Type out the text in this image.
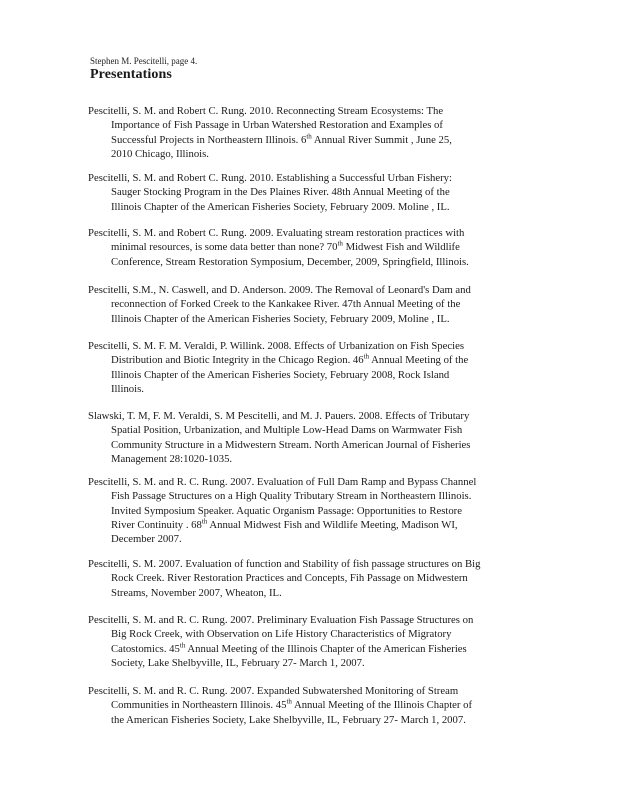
Stephen M. Pescitelli, page 4.
Presentations
Pescitelli, S. M. and Robert C. Rung. 2010. Reconnecting Stream Ecosystems: The
Importance of Fish Passage in Urban Watershed Restoration and Examples of
Successful Projects in Northeastern Illinois. 6th Annual River Summit , June 25,
2010 Chicago, Illinois.
Pescitelli, S. M. and Robert C. Rung. 2010. Establishing a Successful Urban Fishery:
Sauger Stocking Program in the Des Plaines River. 48th Annual Meeting of the
Illinois Chapter of the American Fisheries Society, February 2009. Moline , IL.
Pescitelli, S. M. and Robert C. Rung. 2009. Evaluating stream restoration practices with
minimal resources, is some data better than none? 70th Midwest Fish and Wildlife
Conference, Stream Restoration Symposium, December, 2009, Springfield, Illinois.
Pescitelli, S.M., N. Caswell, and D. Anderson. 2009. The Removal of Leonard's Dam and
reconnection of Forked Creek to the Kankakee River. 47th Annual Meeting of the
Illinois Chapter of the American Fisheries Society, February 2009, Moline , IL.
Pescitelli, S. M. F. M. Veraldi, P. Willink. 2008. Effects of Urbanization on Fish Species
Distribution and Biotic Integrity in the Chicago Region. 46th Annual Meeting of the
Illinois Chapter of the American Fisheries Society, February 2008, Rock Island
Illinois.
Slawski, T. M, F. M. Veraldi, S. M Pescitelli, and M. J. Pauers. 2008. Effects of Tributary
Spatial Position, Urbanization, and Multiple Low-Head Dams on Warmwater Fish
Community Structure in a Midwestern Stream. North American Journal of Fisheries
Management 28:1020-1035.
Pescitelli, S. M. and R. C. Rung. 2007. Evaluation of Full Dam Ramp and Bypass Channel
Fish Passage Structures on a High Quality Tributary Stream in Northeastern Illinois.
Invited Symposium Speaker. Aquatic Organism Passage: Opportunities to Restore
River Continuity . 68th Annual Midwest Fish and Wildlife Meeting, Madison WI,
December 2007.
Pescitelli, S. M. 2007. Evaluation of function and Stability of fish passage structures on Big
Rock Creek. River Restoration Practices and Concepts, Fih Passage on Midwestern
Streams, November 2007, Wheaton, IL.
Pescitelli, S. M. and R. C. Rung. 2007. Preliminary Evaluation Fish Passage Structures on
Big Rock Creek, with Observation on Life History Characteristics of Migratory
Catostomics. 45th Annual Meeting of the Illinois Chapter of the American Fisheries
Society, Lake Shelbyville, IL, February 27- March 1, 2007.
Pescitelli, S. M. and R. C. Rung. 2007. Expanded Subwatershed Monitoring of Stream
Communities in Northeastern Illinois. 45th Annual Meeting of the Illinois Chapter of
the American Fisheries Society, Lake Shelbyville, IL, February 27- March 1, 2007.
